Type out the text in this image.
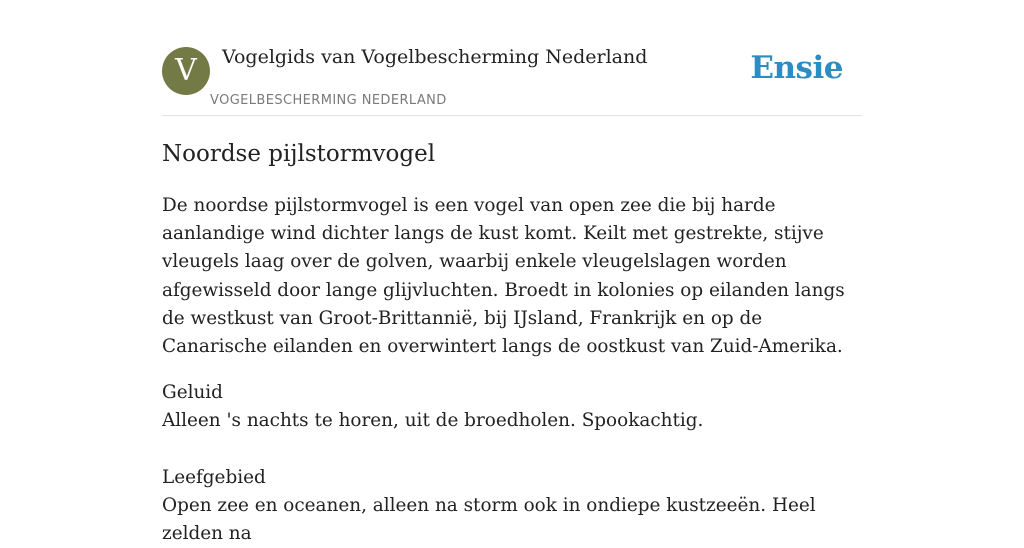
V	Vogelgids van Vogelbescherming Nederland
VOGELBESCHERMING NEDERLAND
Ensie
Noordse pijlstormvogel

De noordse pijlstormvogel is een vogel van open zee die bij harde aanlandige wind dichter langs de kust komt. Keilt met gestrekte, stijve vleugels laag over de golven, waarbij enkele vleugelslagen worden afgewisseld door lange glijvluchten. Broedt in kolonies op eilanden langs de westkust van Groot-Brittannië, bij IJsland, Frankrijk en op de Canarische eilanden en overwintert langs de oostkust van Zuid-Amerika.

Geluid
Alleen 's nachts te horen, uit de broedholen. Spookachtig.
Leefgebied
Open zee en oceanen, alleen na storm ook in ondiepe kustzeeën. Heel zelden na
